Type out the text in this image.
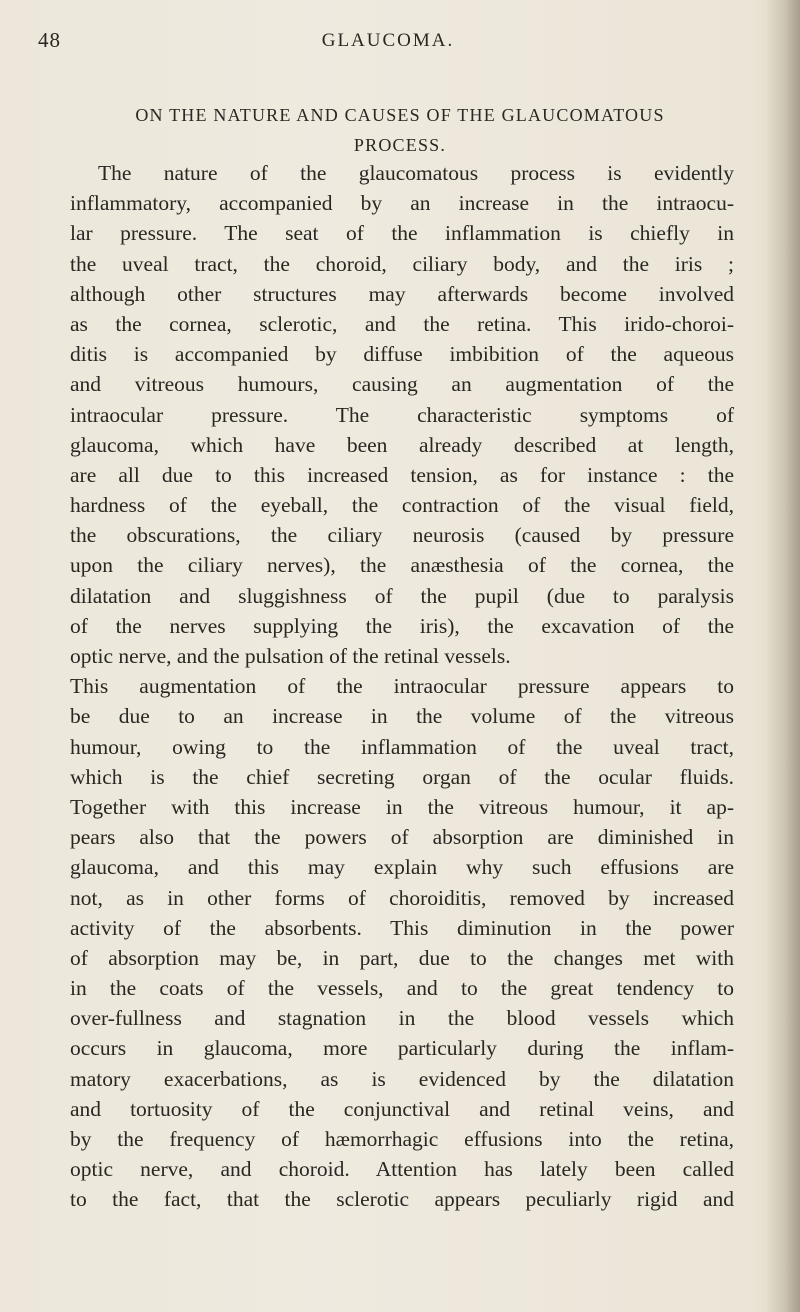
48	GLAUCOMA.
ON THE NATURE AND CAUSES OF THE GLAUCOMATOUS
PROCESS.
The nature of the glaucomatous process is evidently
inflammatory, accompanied by an increase in the intraocu-
lar pressure. The seat of the inflammation is chiefly in
the uveal tract, the choroid, ciliary body, and the iris ;
although other structures may afterwards become involved
as the cornea, sclerotic, and the retina. This irido-choroi-
ditis is accompanied by diffuse imbibition of the aqueous
and vitreous humours, causing an augmentation of the
intraocular pressure. The characteristic symptoms of
glaucoma, which have been already described at length,
are all due to this increased tension, as for instance : the
hardness of the eyeball, the contraction of the visual field,
the obscurations, the ciliary neurosis (caused by pressure
upon the ciliary nerves), the anæsthesia of the cornea, the
dilatation and sluggishness of the pupil (due to paralysis
of the nerves supplying the iris), the excavation of the
optic nerve, and the pulsation of the retinal vessels.
This augmentation of the intraocular pressure appears to
be due to an increase in the volume of the vitreous
humour, owing to the inflammation of the uveal tract,
which is the chief secreting organ of the ocular fluids.
Together with this increase in the vitreous humour, it ap-
pears also that the powers of absorption are diminished in
glaucoma, and this may explain why such effusions are
not, as in other forms of choroiditis, removed by increased
activity of the absorbents. This diminution in the power
of absorption may be, in part, due to the changes met with
in the coats of the vessels, and to the great tendency to
over-fullness and stagnation in the blood vessels which
occurs in glaucoma, more particularly during the inflam-
matory exacerbations, as is evidenced by the dilatation
and tortuosity of the conjunctival and retinal veins, and
by the frequency of hæmorrhagic effusions into the retina,
optic nerve, and choroid. Attention has lately been called
to the fact, that the sclerotic appears peculiarly rigid and
